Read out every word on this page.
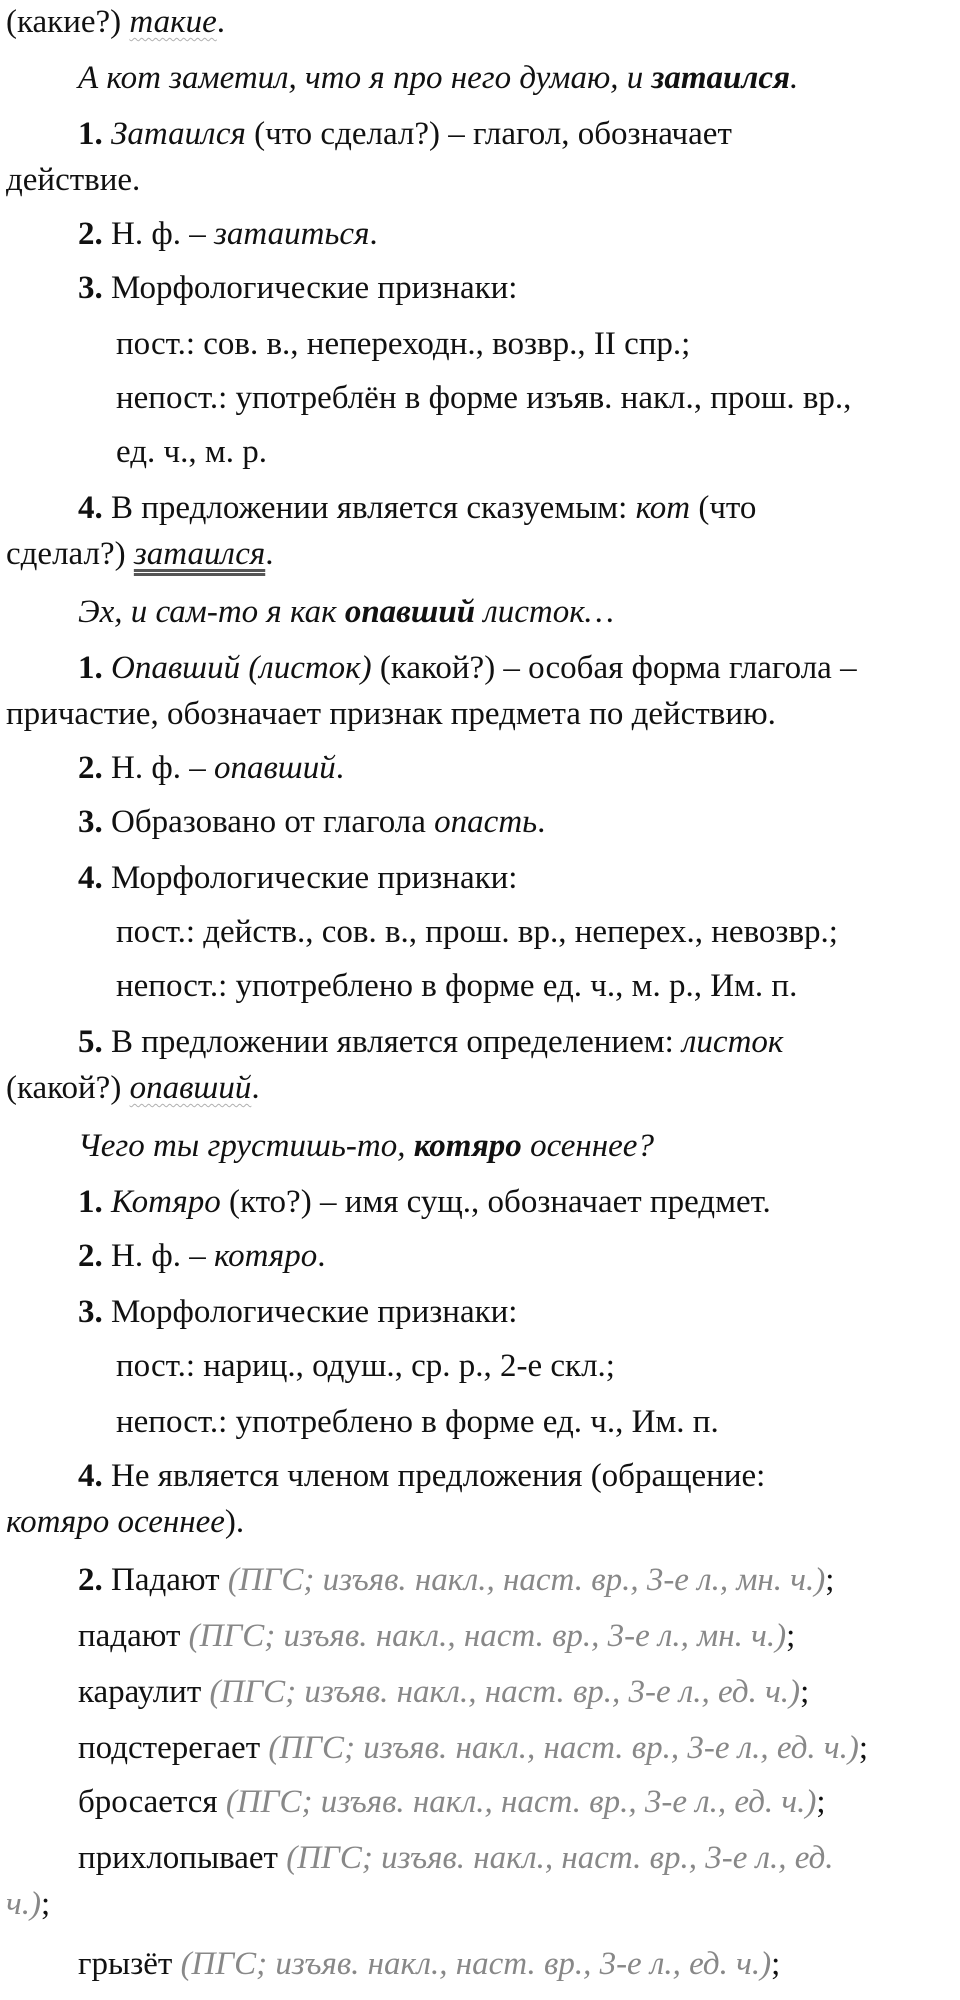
(какие?) такие.
А кот заметил, что я про него думаю, и затаился.
1. Затаился (что сделал?) – глагол, обозначает
действие.
2. Н. ф. – затаиться.
3. Морфологические признаки:
пост.: сов. в., непереходн., возвр., II спр.;
непост.: употреблён в форме изъяв. накл., прош. вр.,
ед. ч., м. р.
4. В предложении является сказуемым: кот (что
сделал?) затаился.
Эх, и сам-то я как опавший листок…
1. Опавший (листок) (какой?) – особая форма глагола –
причастие, обозначает признак предмета по действию.
2. Н. ф. – опавший.
3. Образовано от глагола опасть.
4. Морфологические признаки:
пост.: действ., сов. в., прош. вр., неперех., невозвр.;
непост.: употреблено в форме ед. ч., м. р., Им. п.
5. В предложении является определением: листок
(какой?) опавший.
Чего ты грустишь-то, котяро осеннее?
1. Котяро (кто?) – имя сущ., обозначает предмет.
2. Н. ф. – котяро.
3. Морфологические признаки:
пост.: нариц., одуш., ср. р., 2-е скл.;
непост.: употреблено в форме ед. ч., Им. п.
4. Не является членом предложения (обращение:
котяро осеннее).
2. Падают (ПГС; изъяв. накл., наст. вр., 3-е л., мн. ч.);
падают (ПГС; изъяв. накл., наст. вр., 3-е л., мн. ч.);
караулит (ПГС; изъяв. накл., наст. вр., 3-е л., ед. ч.);
подстерегает (ПГС; изъяв. накл., наст. вр., 3-е л., ед. ч.);
бросается (ПГС; изъяв. накл., наст. вр., 3-е л., ед. ч.);
прихлопывает (ПГС; изъяв. накл., наст. вр., 3-е л., ед.
ч.);
грызёт (ПГС; изъяв. накл., наст. вр., 3-е л., ед. ч.);
